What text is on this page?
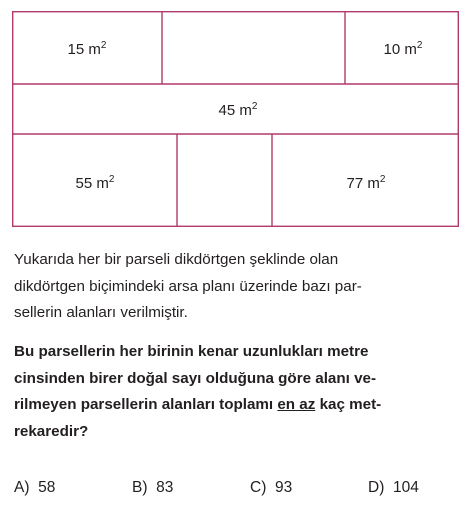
15 $m^2$	10 $m^2$
45 $m^2$
55 $m^2$	77 $m^2$
Yukarıda her bir parseli dikdörtgen şeklinde olan
dikdörtgen biçimindeki arsa planı üzerinde bazı par-
sellerin alanları verilmiştir.
Bu parsellerin her birinin kenar uzunlukları metre
cinsinden birer doğal sayı olduğuna göre alanı ve-
rilmeyen parsellerin alanları toplamı en az kaç met-
rekaredir?
A) 58	B) 83	C) 93	D) 104
